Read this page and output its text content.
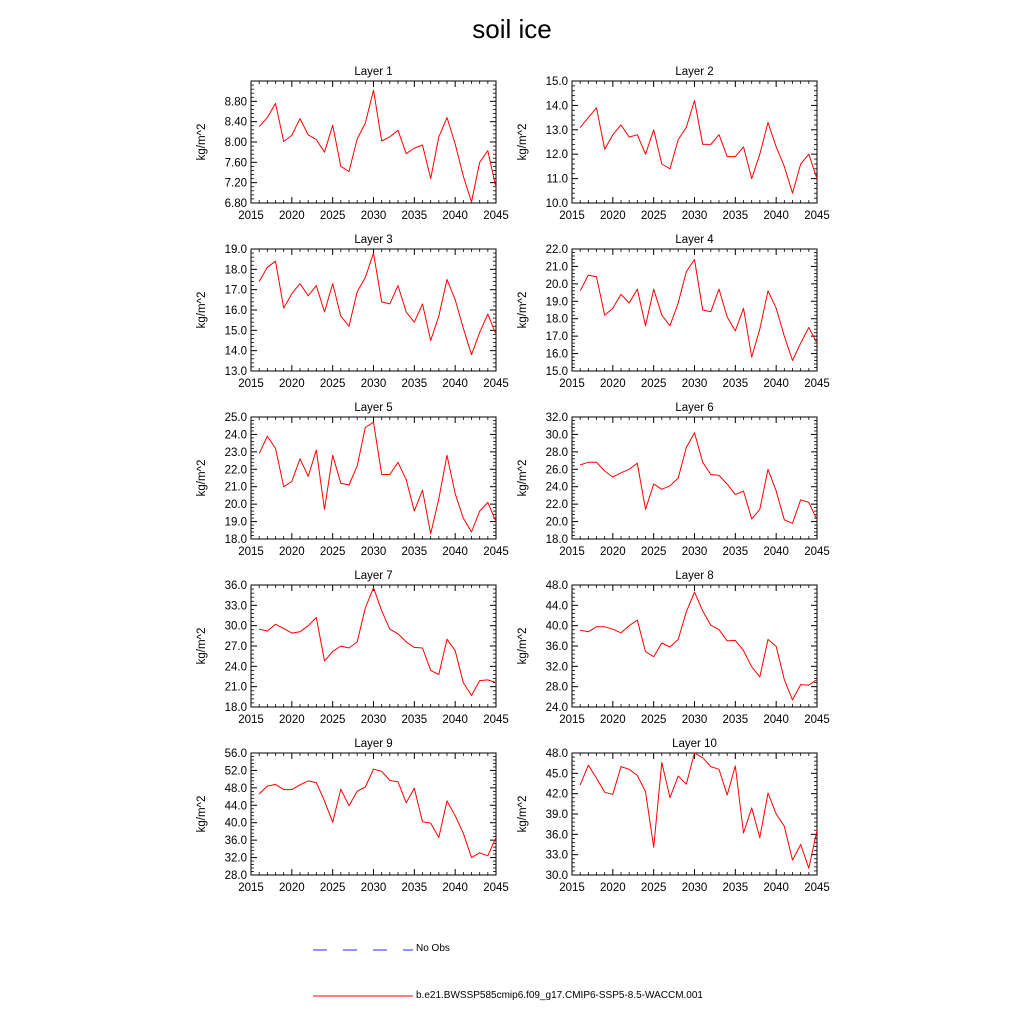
soil ice
2015 2020 2025 2030 2035 2040 2045
6.80
7.20
7.60
8.00
8.40
8.80
Layer 1
kg/m^2
2015 2020 2025 2030 2035 2040 2045
10.0
11.0
12.0
13.0
14.0
15.0
Layer 2
kg/m^2
2015 2020 2025 2030 2035 2040 2045
13.0
14.0
15.0
16.0
17.0
18.0
19.0
Layer 3
kg/m^2
2015 2020 2025 2030 2035 2040 2045
15.0
16.0
17.0
18.0
19.0
20.0
21.0
22.0
Layer 4
kg/m^2
2015 2020 2025 2030 2035 2040 2045
18.0
19.0
20.0
21.0
22.0
23.0
24.0
25.0
Layer 5
kg/m^2
2015 2020 2025 2030 2035 2040 2045
18.0
20.0
22.0
24.0
26.0
28.0
30.0
32.0
Layer 6
kg/m^2
2015 2020 2025 2030 2035 2040 2045
18.0
21.0
24.0
27.0
30.0
33.0
36.0
Layer 7
kg/m^2
2015 2020 2025 2030 2035 2040 2045
24.0
28.0
32.0
36.0
40.0
44.0
48.0
Layer 8
kg/m^2
2015 2020 2025 2030 2035 2040 2045
28.0
32.0
36.0
40.0
44.0
48.0
52.0
56.0
Layer 9
kg/m^2
2015 2020 2025 2030 2035 2040 2045
30.0
33.0
36.0
39.0
42.0
45.0
48.0
Layer 10
kg/m^2
No Obs
b.e21.BWSSP585cmip6.f09_g17.CMIP6-SSP5-8.5-WACCM.001
